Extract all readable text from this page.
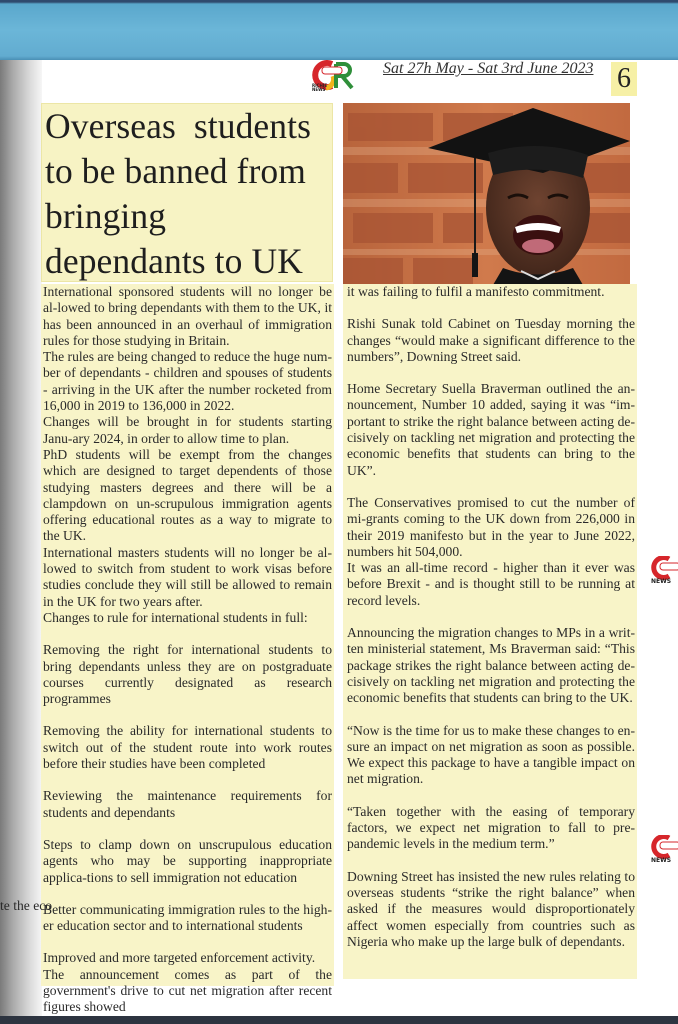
RICHIE NEWS
Sat 27h May - Sat 3rd June 2023 6
Overseas  students
to be banned from
bringing
dependants to UK

International sponsored students will no longer be al-lowed to bring dependants with them to the UK, it has been announced in an overhaul of immigration rules for those studying in Britain.

The rules are being changed to reduce the huge num-ber of dependants - children and spouses of students - arriving in the UK after the number rocketed from 16,000 in 2019 to 136,000 in 2022.

Changes will be brought in for students starting Janu-ary 2024, in order to allow time to plan.

PhD students will be exempt from the changes which are designed to target dependents of those studying masters degrees and there will be a clampdown on un-scrupulous immigration agents offering educational routes as a way to migrate to the UK.

International masters students will no longer be al-lowed to switch from student to work visas before studies conclude they will still be allowed to remain in the UK for two years after.

Changes to rule for international students in full:

Removing the right for international students to bring dependants unless they are on postgraduate courses currently designated as research programmes

Removing the ability for international students to switch out of the student route into work routes before their studies have been completed

Reviewing the maintenance requirements for students and dependants

Steps to clamp down on unscrupulous education agents who may be supporting inappropriate applica-tions to sell immigration not education

Better communicating immigration rules to the high-er education sector and to international students

Improved and more targeted enforcement activity.

The announcement comes as part of the government's drive to cut net migration after recent figures showed

it was failing to fulfil a manifesto commitment.

Rishi Sunak told Cabinet on Tuesday morning the changes “would make a significant difference to the numbers”, Downing Street said.

Home Secretary Suella Braverman outlined the an-nouncement, Number 10 added, saying it was “im-portant to strike the right balance between acting de-cisively on tackling net migration and protecting the economic benefits that students can bring to the UK”.

The Conservatives promised to cut the number of mi-grants coming to the UK down from 226,000 in their 2019 manifesto but in the year to June 2022, numbers hit 504,000.

It was an all-time record - higher than it ever was before Brexit - and is thought still to be running at record levels.

Announcing the migration changes to MPs in a writ-ten ministerial statement, Ms Braverman said: “This package strikes the right balance between acting de-cisively on tackling net migration and protecting the economic benefits that students can bring to the UK.

“Now is the time for us to make these changes to en-sure an impact on net migration as soon as possible. We expect this package to have a tangible impact on net migration.

“Taken together with the easing of temporary factors, we expect net migration to fall to pre-pandemic levels in the medium term.”

Downing Street has insisted the new rules relating to overseas students “strike the right balance” when asked if the measures would disproportionately affect women especially from countries such as Nigeria who make up the large bulk of dependants.

NEWS
NEWS
te the eco
